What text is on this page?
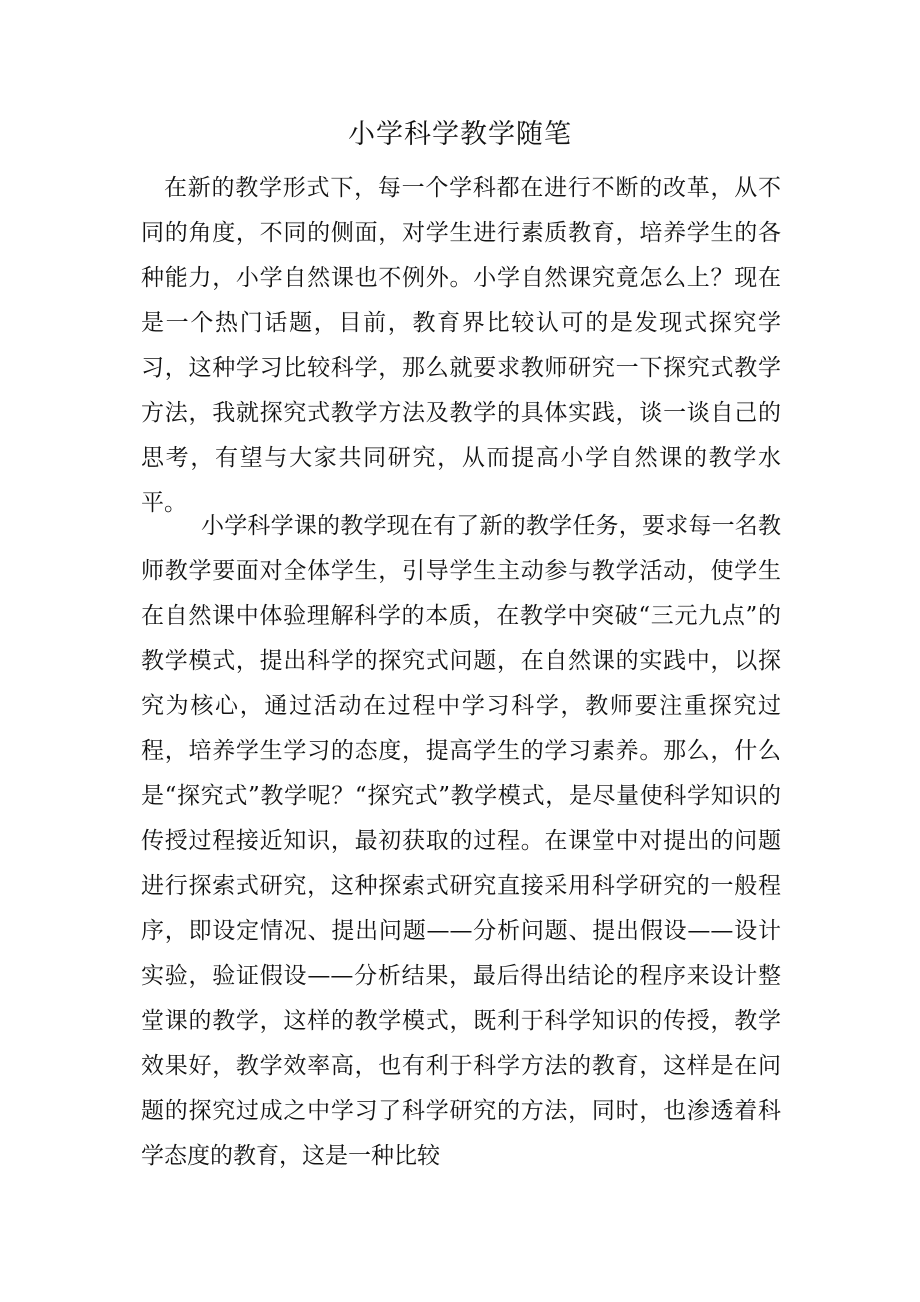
小学科学教学随笔

在新的教学形式下，每一个学科都在进行不断的改革，从不同的角度，不同的侧面，对学生进行素质教育，培养学生的各种能力，小学自然课也不例外。小学自然课究竟怎么上？现在是一个热门话题，目前，教育界比较认可的是发现式探究学习，这种学习比较科学，那么就要求教师研究一下探究式教学方法，我就探究式教学方法及教学的具体实践，谈一谈自己的思考，有望与大家共同研究，从而提高小学自然课的教学水平。

小学科学课的教学现在有了新的教学任务，要求每一名教师教学要面对全体学生，引导学生主动参与教学活动，使学生在自然课中体验理解科学的本质，在教学中突破“三元九点”的教学模式，提出科学的探究式问题，在自然课的实践中，以探究为核心，通过活动在过程中学习科学，教师要注重探究过程，培养学生学习的态度，提高学生的学习素养。那么，什么是“探究式”教学呢？“探究式”教学模式，是尽量使科学知识的传授过程接近知识，最初获取的过程。在课堂中对提出的问题进行探索式研究，这种探索式研究直接采用科学研究的一般程序，即设定情况、提出问题——分析问题、提出假设——设计实验，验证假设——分析结果，最后得出结论的程序来设计整堂课的教学，这样的教学模式，既利于科学知识的传授，教学效果好，教学效率高，也有利于科学方法的教育，这样是在问题的探究过成之中学习了科学研究的方法，同时，也渗透着科学态度的教育，这是一种比较
